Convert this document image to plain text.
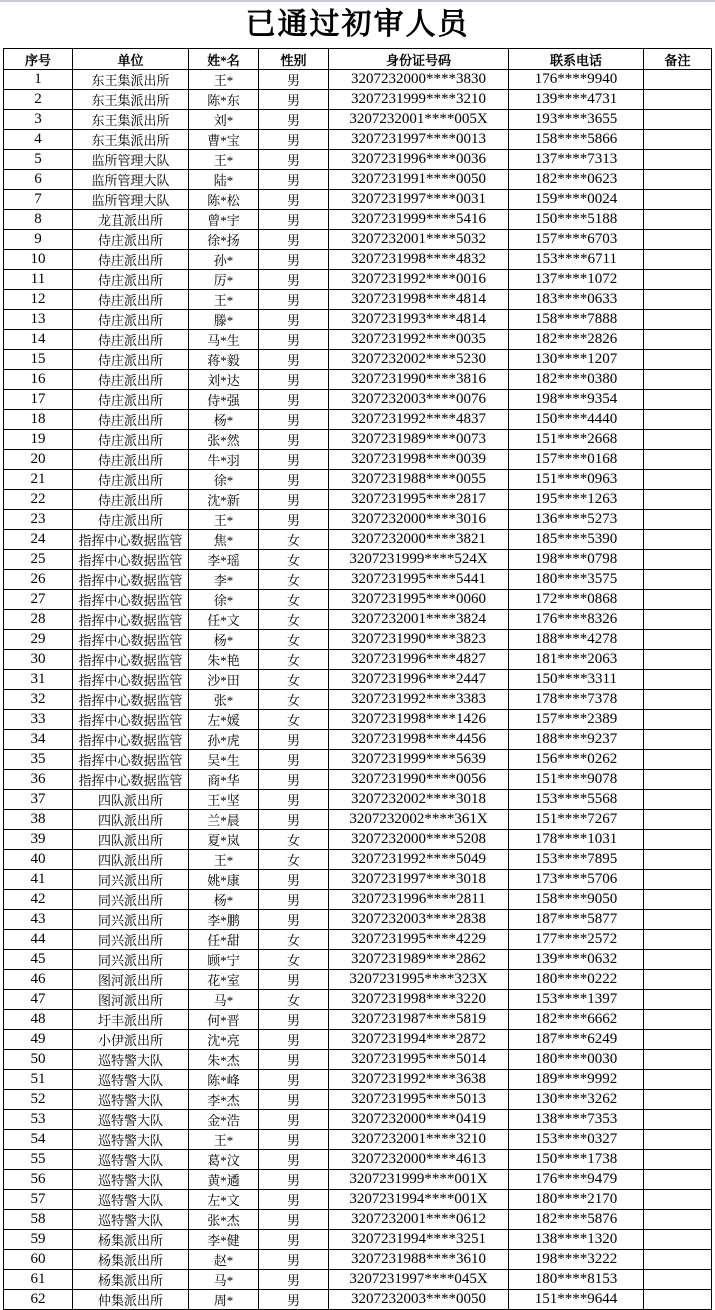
已通过初审人员
序号	单位	姓*名	性别	身份证号码	联系电话	备注
1	东王集派出所	王*	男	3207232000****3830	176****9940	
2	东王集派出所	陈*东	男	3207231999****3210	139****4731	
3	东王集派出所	刘*	男	3207232001****005X	193****3655	
4	东王集派出所	曹*宝	男	3207231997****0013	158****5866	
5	监所管理大队	王*	男	3207231996****0036	137****7313	
6	监所管理大队	陆*	男	3207231991****0050	182****0623	
7	监所管理大队	陈*松	男	3207231997****0031	159****0024	
8	龙苴派出所	曾*宇	男	3207231999****5416	150****5188	
9	侍庄派出所	徐*扬	男	3207232001****5032	157****6703	
10	侍庄派出所	孙*	男	3207231998****4832	153****6711	
11	侍庄派出所	厉*	男	3207231992****0016	137****1072	
12	侍庄派出所	王*	男	3207231998****4814	183****0633	
13	侍庄派出所	滕*	男	3207231993****4814	158****7888	
14	侍庄派出所	马*生	男	3207231992****0035	182****2826	
15	侍庄派出所	蒋*毅	男	3207232002****5230	130****1207	
16	侍庄派出所	刘*达	男	3207231990****3816	182****0380	
17	侍庄派出所	侍*强	男	3207232003****0076	198****9354	
18	侍庄派出所	杨*	男	3207231992****4837	150****4440	
19	侍庄派出所	张*然	男	3207231989****0073	151****2668	
20	侍庄派出所	牛*羽	男	3207231998****0039	157****0168	
21	侍庄派出所	徐*	男	3207231988****0055	151****0963	
22	侍庄派出所	沈*新	男	3207231995****2817	195****1263	
23	侍庄派出所	王*	男	3207232000****3016	136****5273	
24	指挥中心数据监管	焦*	女	3207232000****3821	185****5390	
25	指挥中心数据监管	李*瑶	女	3207231999****524X	198****0798	
26	指挥中心数据监管	李*	女	3207231995****5441	180****3575	
27	指挥中心数据监管	徐*	女	3207231995****0060	172****0868	
28	指挥中心数据监管	任*文	女	3207232001****3824	176****8326	
29	指挥中心数据监管	杨*	女	3207231990****3823	188****4278	
30	指挥中心数据监管	朱*艳	女	3207231996****4827	181****2063	
31	指挥中心数据监管	沙*田	女	3207231996****2447	150****3311	
32	指挥中心数据监管	张*	女	3207231992****3383	178****7378	
33	指挥中心数据监管	左*媛	女	3207231998****1426	157****2389	
34	指挥中心数据监管	孙*虎	男	3207231998****4456	188****9237	
35	指挥中心数据监管	吴*生	男	3207231999****5639	156****0262	
36	指挥中心数据监管	商*华	男	3207231990****0056	151****9078	
37	四队派出所	王*坚	男	3207232002****3018	153****5568	
38	四队派出所	兰*晨	男	3207232002****361X	151****7267	
39	四队派出所	夏*岚	女	3207232000****5208	178****1031	
40	四队派出所	王*	女	3207231992****5049	153****7895	
41	同兴派出所	姚*康	男	3207231997****3018	173****5706	
42	同兴派出所	杨*	男	3207231996****2811	158****9050	
43	同兴派出所	李*鹏	男	3207232003****2838	187****5877	
44	同兴派出所	任*甜	女	3207231995****4229	177****2572	
45	同兴派出所	顾*宁	女	3207231989****2862	139****0632	
46	图河派出所	花*室	男	3207231995****323X	180****0222	
47	图河派出所	马*	女	3207231998****3220	153****1397	
48	圩丰派出所	何*晋	男	3207231987****5819	182****6662	
49	小伊派出所	沈*亮	男	3207231994****2872	187****6249	
50	巡特警大队	朱*杰	男	3207231995****5014	180****0030	
51	巡特警大队	陈*峰	男	3207231992****3638	189****9992	
52	巡特警大队	李*杰	男	3207231995****5013	130****3262	
53	巡特警大队	金*浩	男	3207232000****0419	138****7353	
54	巡特警大队	王*	男	3207232001****3210	153****0327	
55	巡特警大队	葛*汶	男	3207232000****4613	150****1738	
56	巡特警大队	黄*遹	男	3207231999****001X	176****9479	
57	巡特警大队	左*文	男	3207231994****001X	180****2170	
58	巡特警大队	张*杰	男	3207232001****0612	182****5876	
59	杨集派出所	李*健	男	3207231994****3251	138****1320	
60	杨集派出所	赵*	男	3207231988****3610	198****3222	
61	杨集派出所	马*	男	3207231997****045X	180****8153	
62	仲集派出所	周*	男	3207232003****0050	151****9644	
